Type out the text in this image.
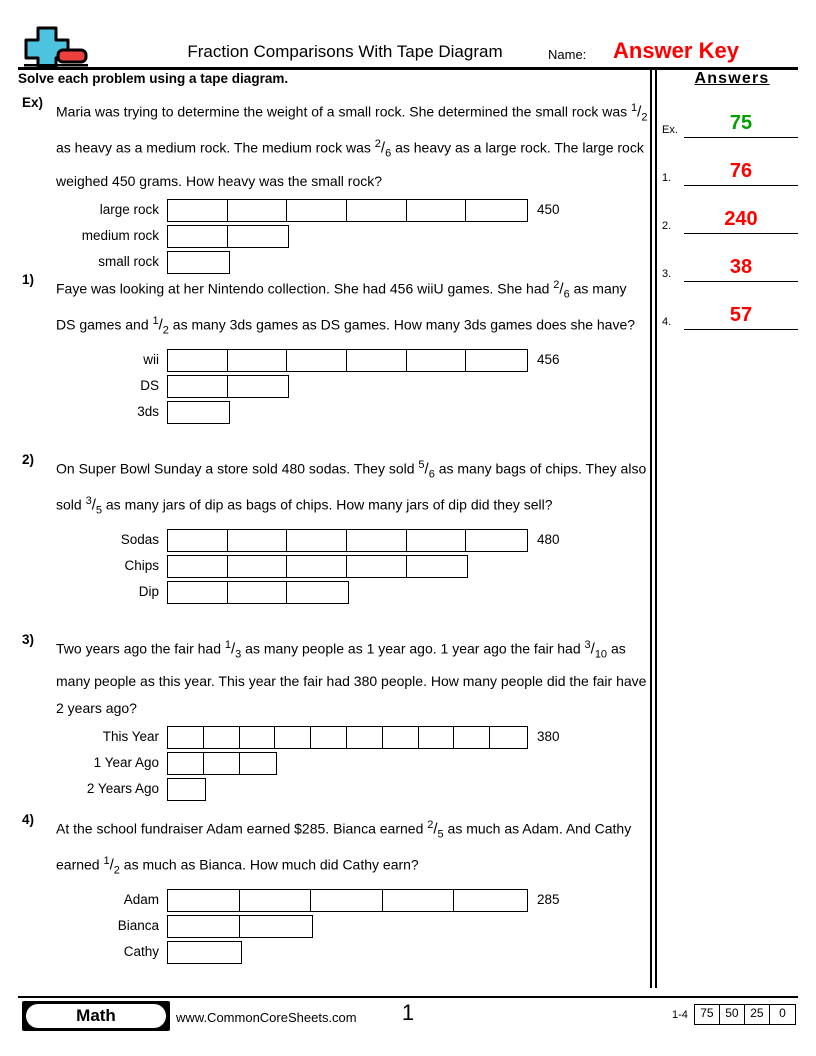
Fraction Comparisons With Tape Diagram	Name: Answer Key
Solve each problem using a tape diagram.	Answers
Ex.	75
1.	76
2.	240
3.	38
4.	57
Ex)
Maria was trying to determine the weight of a small rock. She determined the small rock was $^1/_2$ as heavy as a medium rock. The medium rock was $^2/_6$ as heavy as a large rock. The large rock weighed 450 grams. How heavy was the small rock?
large rock	450
medium rock
small rock
1)
Faye was looking at her Nintendo collection. She had 456 wiiU games. She had $^2/_6$ as many DS games and $^1/_2$ as many 3ds games as DS games. How many 3ds games does she have?
wii	456
DS
3ds
2)
On Super Bowl Sunday a store sold 480 sodas. They sold $^5/_6$ as many bags of chips. They also sold $^3/_5$ as many jars of dip as bags of chips. How many jars of dip did they sell?
Sodas	480
Chips
Dip
3)
Two years ago the fair had $^1/_3$ as many people as 1 year ago. 1 year ago the fair had $^3/_{10}$ as many people as this year. This year the fair had 380 people. How many people did the fair have 2 years ago?
This Year	380
1 Year Ago
2 Years Ago
4)
At the school fundraiser Adam earned $285. Bianca earned $^2/_5$ as much as Adam. And Cathy earned $^1/_2$ as much as Bianca. How much did Cathy earn?
Adam	285
Bianca
Cathy
Math	www.CommonCoreSheets.com	1	1-4	75 50 25	0
